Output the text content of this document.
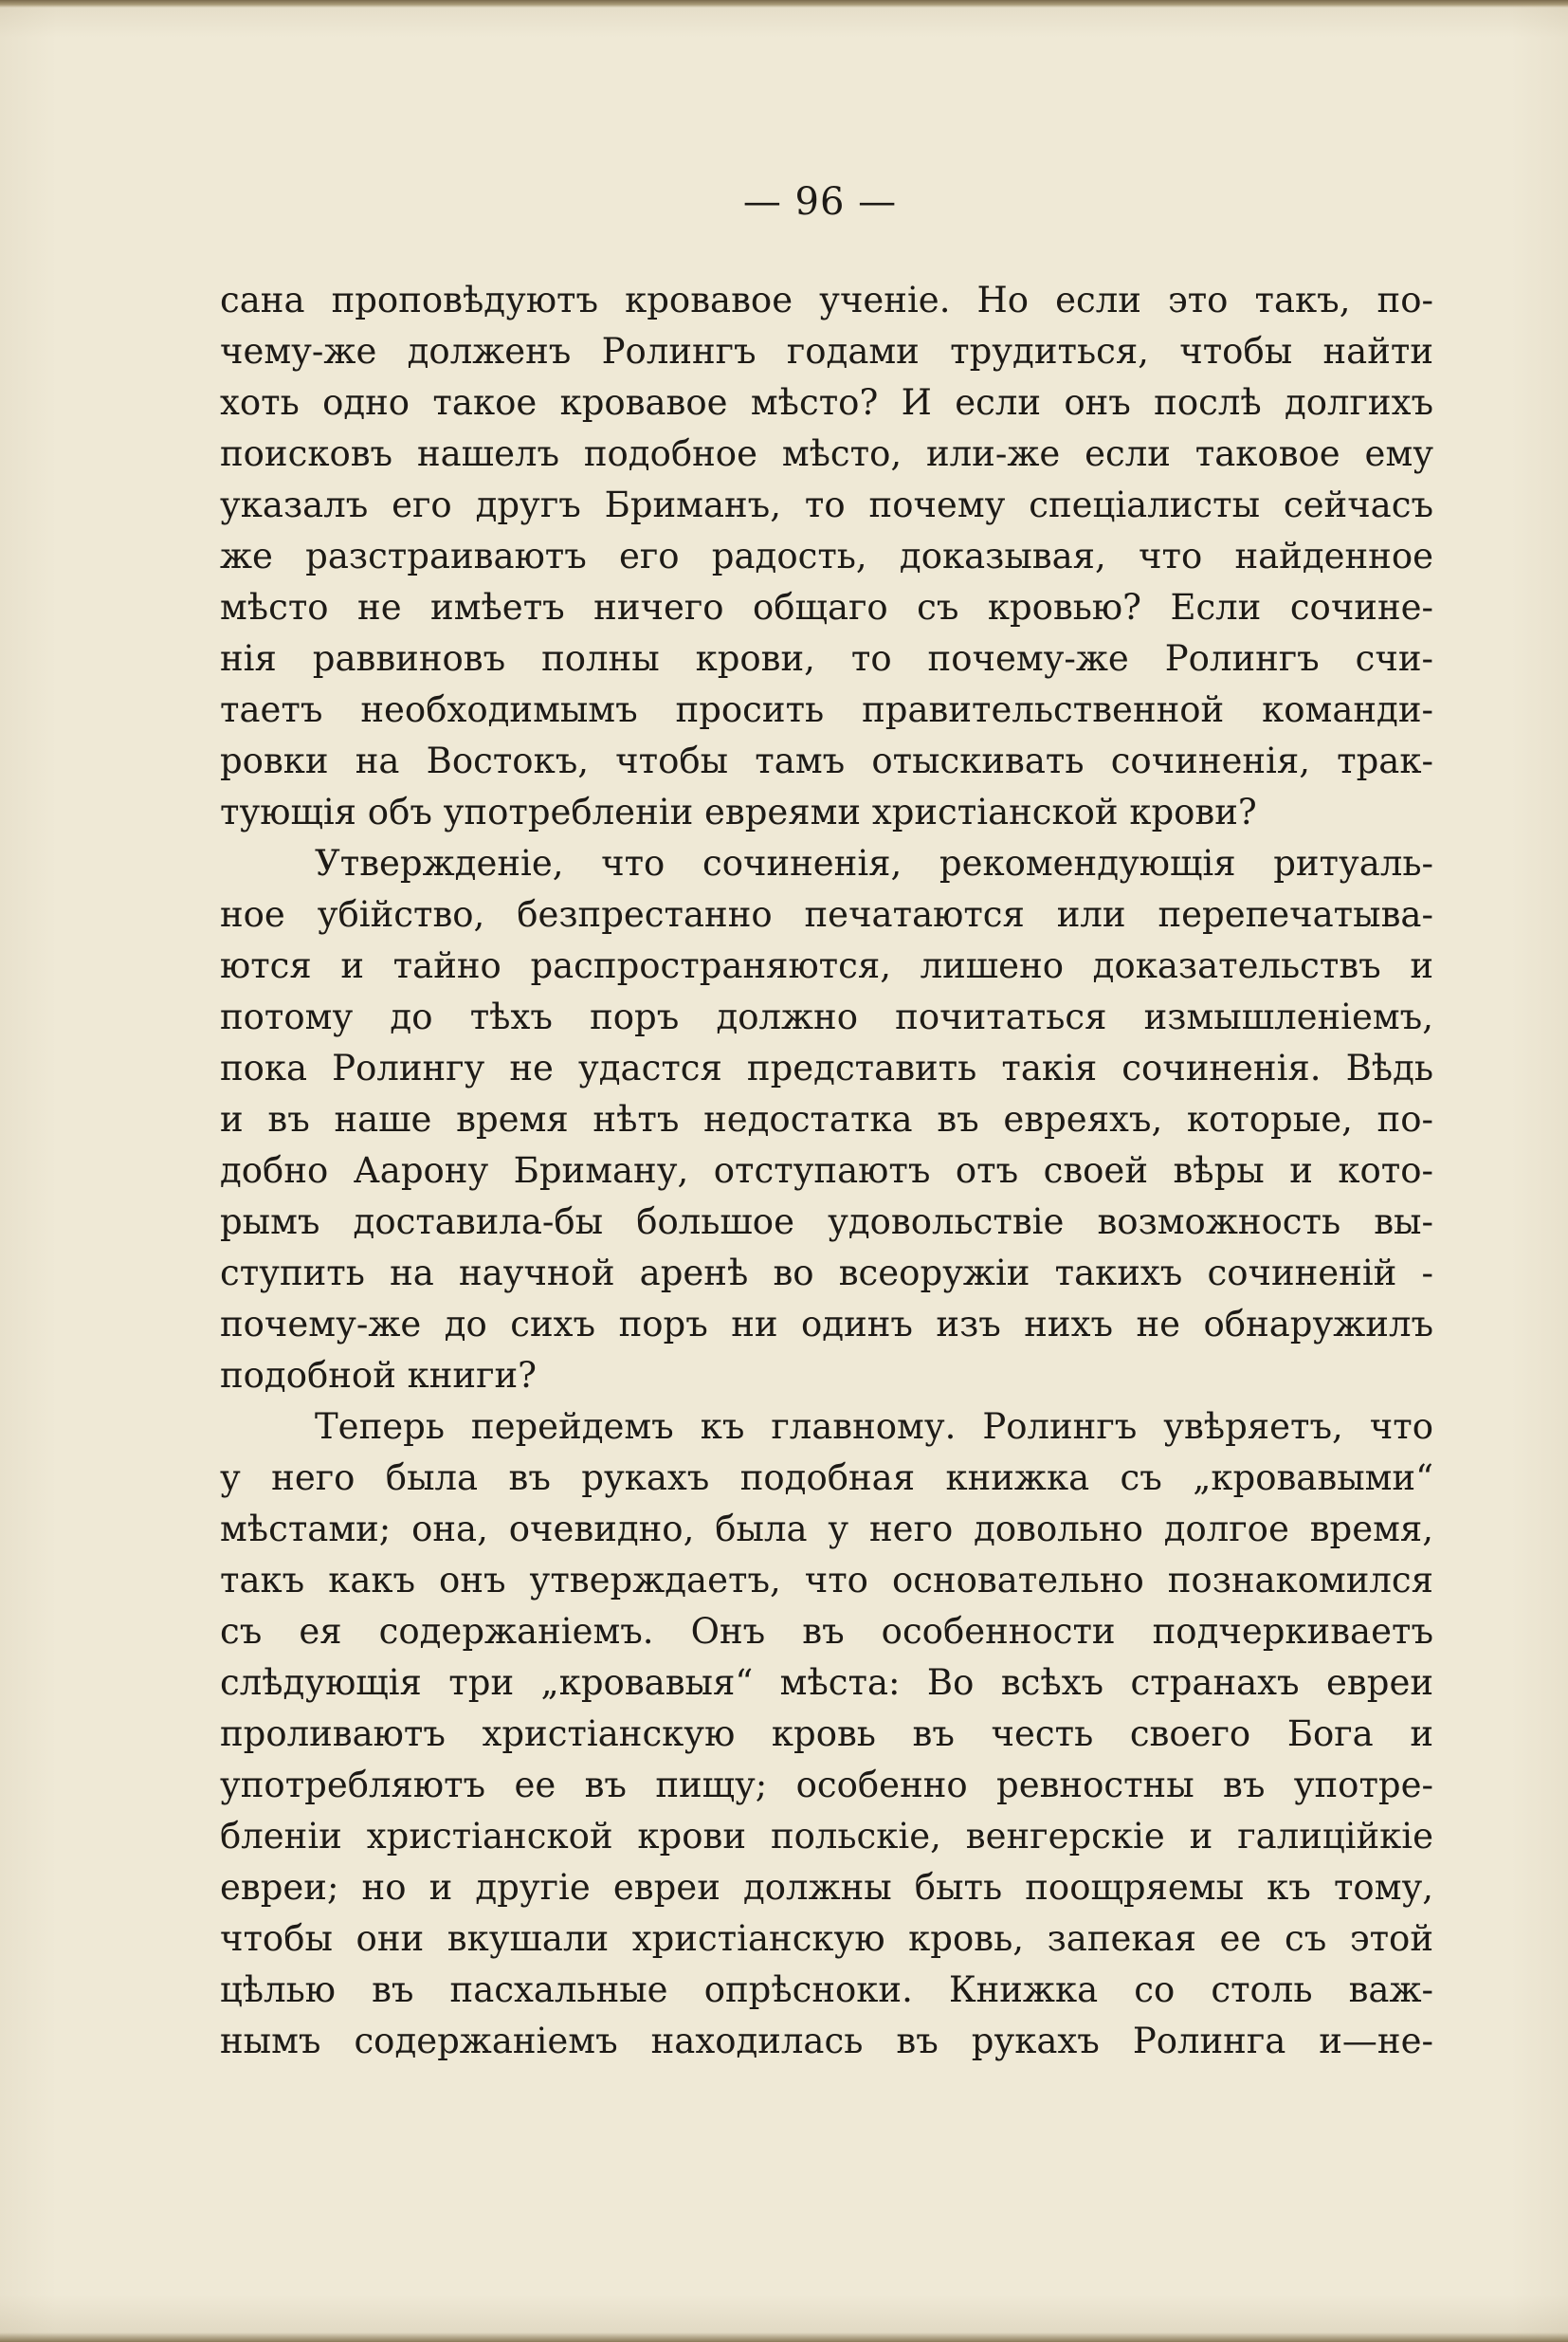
— 96 —
сана проповѣдуютъ кровавое ученіе. Но если это такъ, по-
чему-же долженъ Ролингъ годами трудиться, чтобы найти
хоть одно такое кровавое мѣсто? И если онъ послѣ долгихъ
поисковъ нашелъ подобное мѣсто, или-же если таковое ему
указалъ его другъ Бриманъ, то почему спеціалисты сейчасъ
же разстраиваютъ его радость, доказывая, что найденное
мѣсто не имѣетъ ничего общаго съ кровью? Если сочине-
нія раввиновъ полны крови, то почему-же Ролингъ счи-
таетъ необходимымъ просить правительственной команди-
ровки на Востокъ, чтобы тамъ отыскивать сочиненія, трак-
тующія объ употребленіи евреями христіанской крови?
Утвержденіе, что сочиненія, рекомендующія ритуаль-
ное убійство, безпрестанно печатаются или перепечатыва-
ются и тайно распространяются, лишено доказательствъ и
потому до тѣхъ поръ должно почитаться измышленіемъ,
пока Ролингу не удастся представить такія сочиненія. Вѣдь
и въ наше время нѣтъ недостатка въ евреяхъ, которые, по-
добно Аарону Бриману, отступаютъ отъ своей вѣры и кото-
рымъ доставила-бы большое удовольствіе возможность вы-
ступить на научной аренѣ во всеоружіи такихъ сочиненій -
почему-же до сихъ поръ ни одинъ изъ нихъ не обнаружилъ
подобной книги?
Теперь перейдемъ къ главному. Ролингъ увѣряетъ, что
у него была въ рукахъ подобная книжка съ „кровавыми“
мѣстами; она, очевидно, была у него довольно долгое время,
такъ какъ онъ утверждаетъ, что основательно познакомился
съ ея содержаніемъ. Онъ въ особенности подчеркиваетъ
слѣдующія три „кровавыя“ мѣста: Во всѣхъ странахъ евреи
проливаютъ христіанскую кровь въ честь своего Бога и
употребляютъ ее въ пищу; особенно ревностны въ употре-
бленіи христіанской крови польскіе, венгерскіе и галиційкіе
евреи; но и другіе евреи должны быть поощряемы къ тому,
чтобы они вкушали христіанскую кровь, запекая ее съ этой
цѣлью въ пасхальные опрѣсноки. Книжка со столь важ-
нымъ содержаніемъ находилась въ рукахъ Ролинга и—не-
